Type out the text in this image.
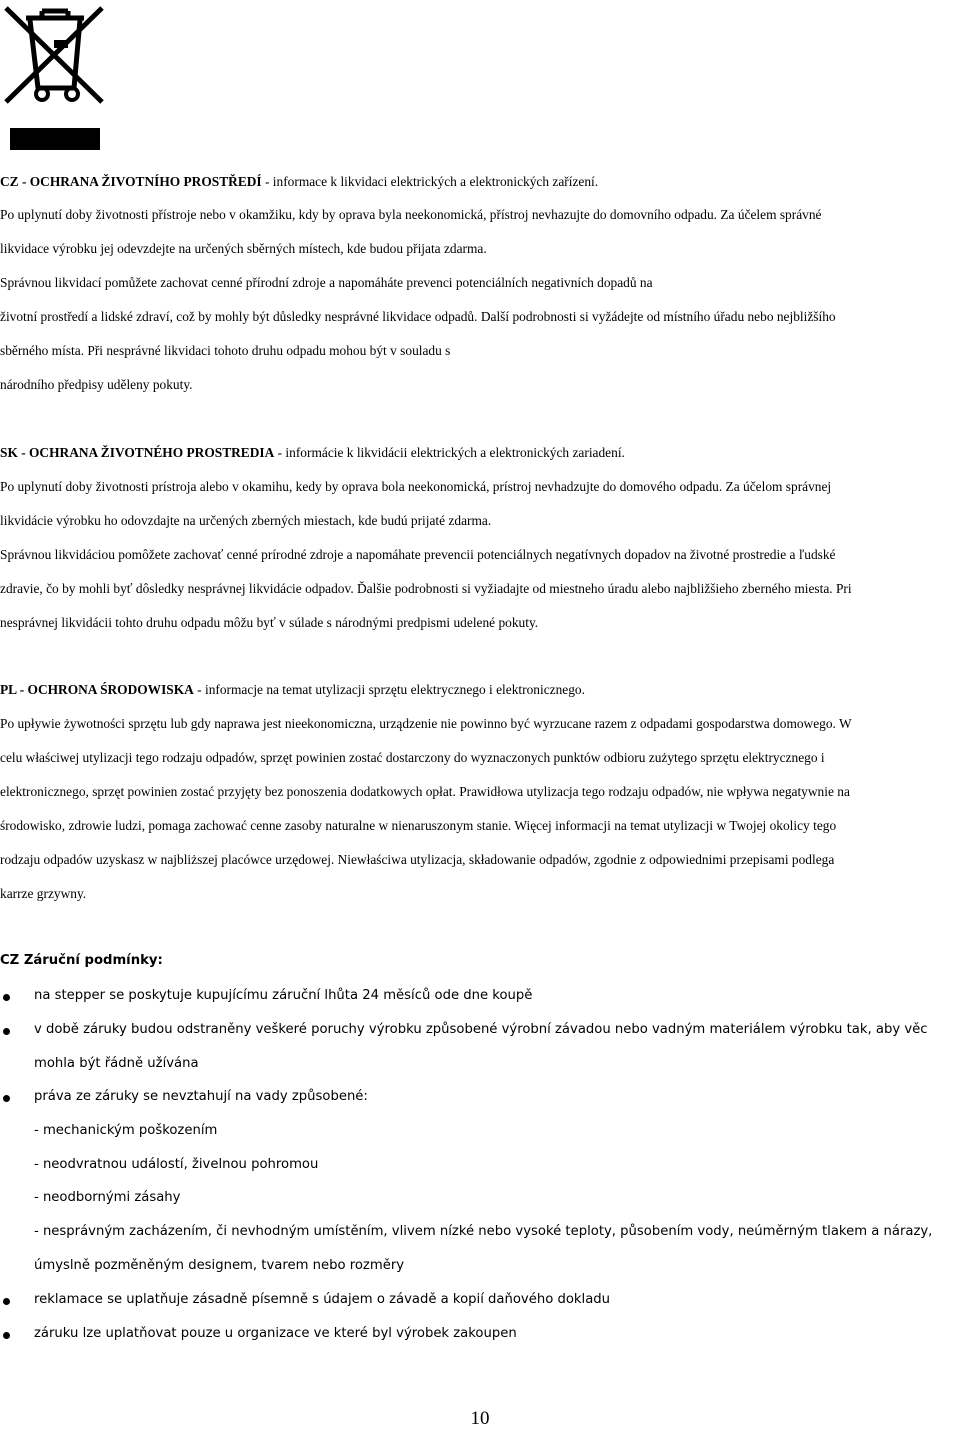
CZ - OCHRANA ŽIVOTNÍHO PROSTŘEDÍ - informace k likvidaci elektrických a elektronických zařízení.
Po uplynutí doby životnosti přístroje nebo v okamžiku, kdy by oprava byla neekonomická, přístroj nevhazujte do domovního odpadu. Za účelem správné
likvidace výrobku jej odevzdejte na určených sběrných místech, kde budou přijata zdarma.
Správnou likvidací pomůžete zachovat cenné přírodní zdroje a napomáháte prevenci potenciálních negativních dopadů na
životní prostředí a lidské zdraví, což by mohly být důsledky nesprávné likvidace odpadů. Další podrobnosti si vyžádejte od místního úřadu nebo nejbližšího
sběrného místa. Při nesprávné likvidaci tohoto druhu odpadu mohou být v souladu s
národního předpisy uděleny pokuty.
SK - OCHRANA ŽIVOTNÉHO PROSTREDIA - informácie k likvidácii elektrických a elektronických zariadení.
Po uplynutí doby životnosti prístroja alebo v okamihu, kedy by oprava bola neekonomická, prístroj nevhadzujte do domového odpadu. Za účelom správnej
likvidácie výrobku ho odovzdajte na určených zberných miestach, kde budú prijaté zdarma.
Správnou likvidáciou pomôžete zachovať cenné prírodné zdroje a napomáhate prevencii potenciálnych negatívnych dopadov na životné prostredie a ľudské
zdravie, čo by mohli byť dôsledky nesprávnej likvidácie odpadov. Ďalšie podrobnosti si vyžiadajte od miestneho úradu alebo najbližšieho zberného miesta. Pri
nesprávnej likvidácii tohto druhu odpadu môžu byť v súlade s národnými predpismi udelené pokuty.
PL - OCHRONA ŚRODOWISKA - informacje na temat utylizacji sprzętu elektrycznego i elektronicznego.
Po upływie żywotności sprzętu lub gdy naprawa jest nieekonomiczna, urządzenie nie powinno być wyrzucane razem z odpadami gospodarstwa domowego. W
celu właściwej utylizacji tego rodzaju odpadów, sprzęt powinien zostać dostarczony do wyznaczonych punktów odbioru zużytego sprzętu elektrycznego i
elektronicznego, sprzęt powinien zostać przyjęty bez ponoszenia dodatkowych opłat. Prawidłowa utylizacja tego rodzaju odpadów, nie wpływa negatywnie na
środowisko, zdrowie ludzi, pomaga zachować cenne zasoby naturalne w nienaruszonym stanie. Więcej informacji na temat utylizacji w Twojej okolicy tego
rodzaju odpadów uzyskasz w najbliższej placówce urzędowej. Niewłaściwa utylizacja, składowanie odpadów, zgodnie z odpowiednimi przepisami podlega
karrze grzywny.
CZ Záruční podmínky:
na stepper se poskytuje kupujícímu záruční lhůta 24 měsíců ode dne koupě
v době záruky budou odstraněny veškeré poruchy výrobku způsobené výrobní závadou nebo vadným materiálem výrobku tak, aby věc
mohla být řádně užívána
práva ze záruky se nevztahují na vady způsobené:
- mechanickým poškozením
- neodvratnou událostí, živelnou pohromou
- neodbornými zásahy
- nesprávným zacházením, či nevhodným umístěním, vlivem nízké nebo vysoké teploty, působením vody, neúměrným tlakem a nárazy,
úmyslně pozměněným designem, tvarem nebo rozměry
reklamace se uplatňuje zásadně písemně s údajem o závadě a kopií daňového dokladu
záruku lze uplatňovat pouze u organizace ve které byl výrobek zakoupen
10
